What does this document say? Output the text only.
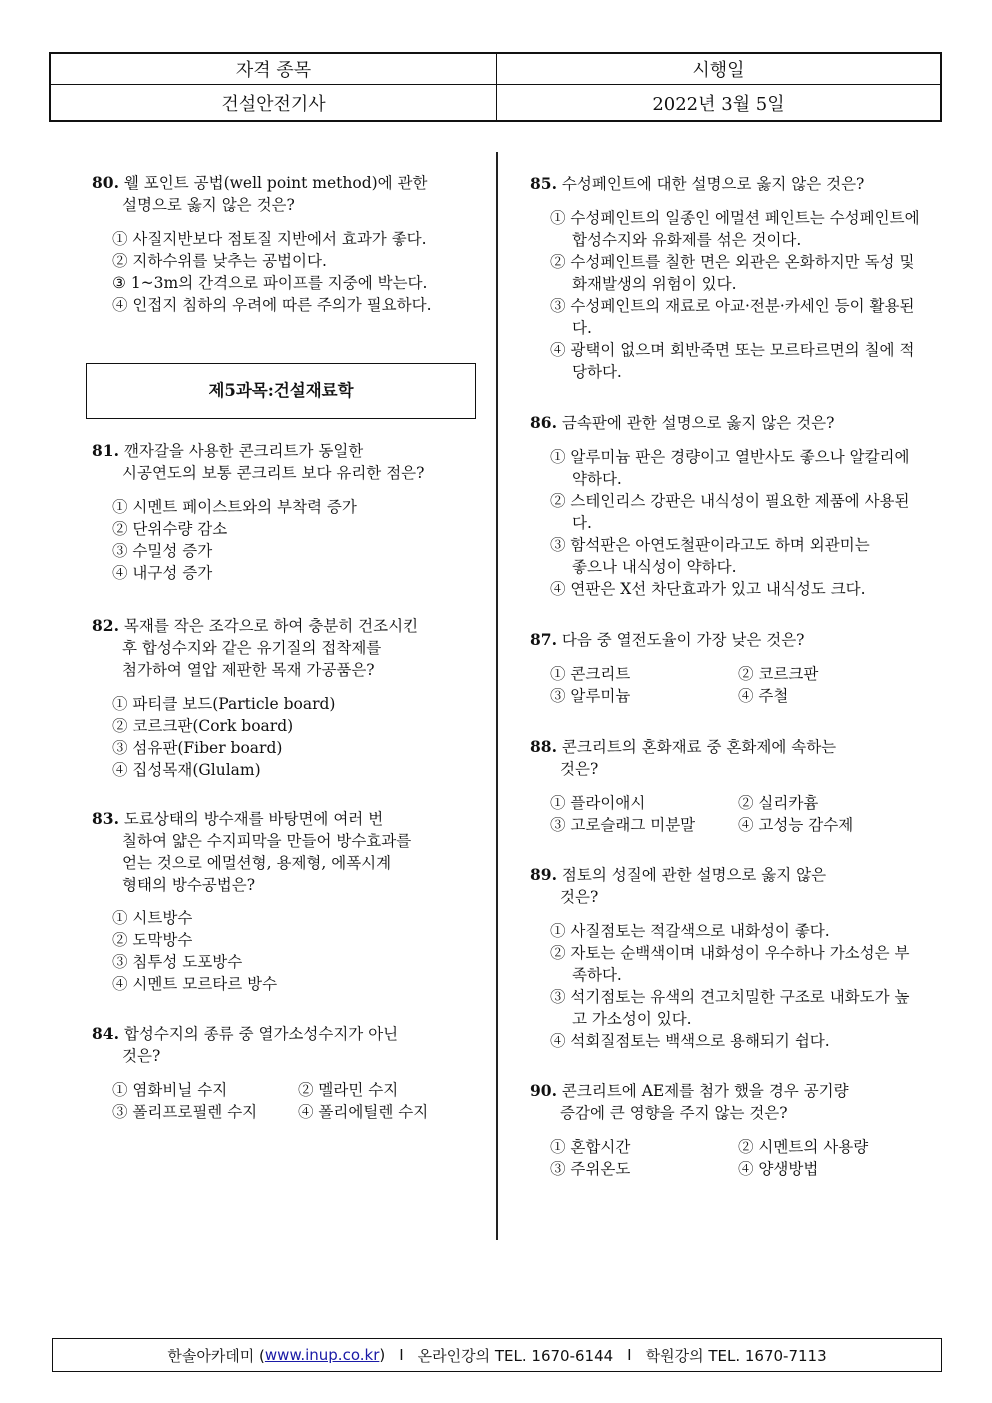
자격 종목	시행일
건설안전기사	2022년 3월 5일
80. 웰 포인트 공법(well point method)에 관한
설명으로 옳지 않은 것은?
① 사질지반보다 점토질 지반에서 효과가 좋다.
② 지하수위를 낮추는 공법이다.
③ 1~3m의 간격으로 파이프를 지중에 박는다.
④ 인접지 침하의 우려에 따른 주의가 필요하다.
제5과목:건설재료학
81. 깬자갈을 사용한 콘크리트가 동일한
시공연도의 보통 콘크리트 보다 유리한 점은?
① 시멘트 페이스트와의 부착력 증가
② 단위수량 감소
③ 수밀성 증가
④ 내구성 증가
82. 목재를 작은 조각으로 하여 충분히 건조시킨
후 합성수지와 같은 유기질의 접착제를
첨가하여 열압 제판한 목재 가공품은?
① 파티클 보드(Particle board)
② 코르크판(Cork board)
③ 섬유판(Fiber board)
④ 집성목재(Glulam)
83. 도료상태의 방수재를 바탕면에 여러 번
칠하여 얇은 수지피막을 만들어 방수효과를
얻는 것으로 에멀션형, 용제형, 에폭시계
형태의 방수공법은?
① 시트방수
② 도막방수
③ 침투성 도포방수
④ 시멘트 모르타르 방수
84. 합성수지의 종류 중 열가소성수지가 아닌
것은?
① 염화비닐 수지	② 멜라민 수지
③ 폴리프로필렌 수지	④ 폴리에틸렌 수지
85. 수성페인트에 대한 설명으로 옳지 않은 것은?
① 수성페인트의 일종인 에멀션 페인트는 수성페인트에 합성수지와 유화제를 섞은 것이다.
② 수성페인트를 칠한 면은 외관은 온화하지만 독성 및 화재발생의 위험이 있다.
③ 수성페인트의 재료로 아교·전분·카세인 등이 활용된다.
④ 광택이 없으며 회반죽면 또는 모르타르면의 칠에 적당하다.
86. 금속판에 관한 설명으로 옳지 않은 것은?
① 알루미늄 판은 경량이고 열반사도 좋으나 알칼리에 약하다.
② 스테인리스 강판은 내식성이 필요한 제품에 사용된다.
③ 함석판은 아연도철판이라고도 하며 외관미는 좋으나 내식성이 약하다.
④ 연판은 X선 차단효과가 있고 내식성도 크다.
87. 다음 중 열전도율이 가장 낮은 것은?
① 콘크리트	② 코르크판
③ 알루미늄	④ 주철
88. 콘크리트의 혼화재료 중 혼화제에 속하는
것은?
① 플라이애시	② 실리카흄
③ 고로슬래그 미분말	④ 고성능 감수제
89. 점토의 성질에 관한 설명으로 옳지 않은
것은?
① 사질점토는 적갈색으로 내화성이 좋다.
② 자토는 순백색이며 내화성이 우수하나 가소성은 부족하다.
③ 석기점토는 유색의 견고치밀한 구조로 내화도가 높고 가소성이 있다.
④ 석회질점토는 백색으로 용해되기 쉽다.
90. 콘크리트에 AE제를 첨가 했을 경우 공기량
증감에 큰 영향을 주지 않는 것은?
① 혼합시간	② 시멘트의 사용량
③ 주위온도	④ 양생방법
한솔아카데미 ( www.inup.co.kr ) I 온라인강의 TEL. 1670-6144 I 학원강의 TEL. 1670-7113
